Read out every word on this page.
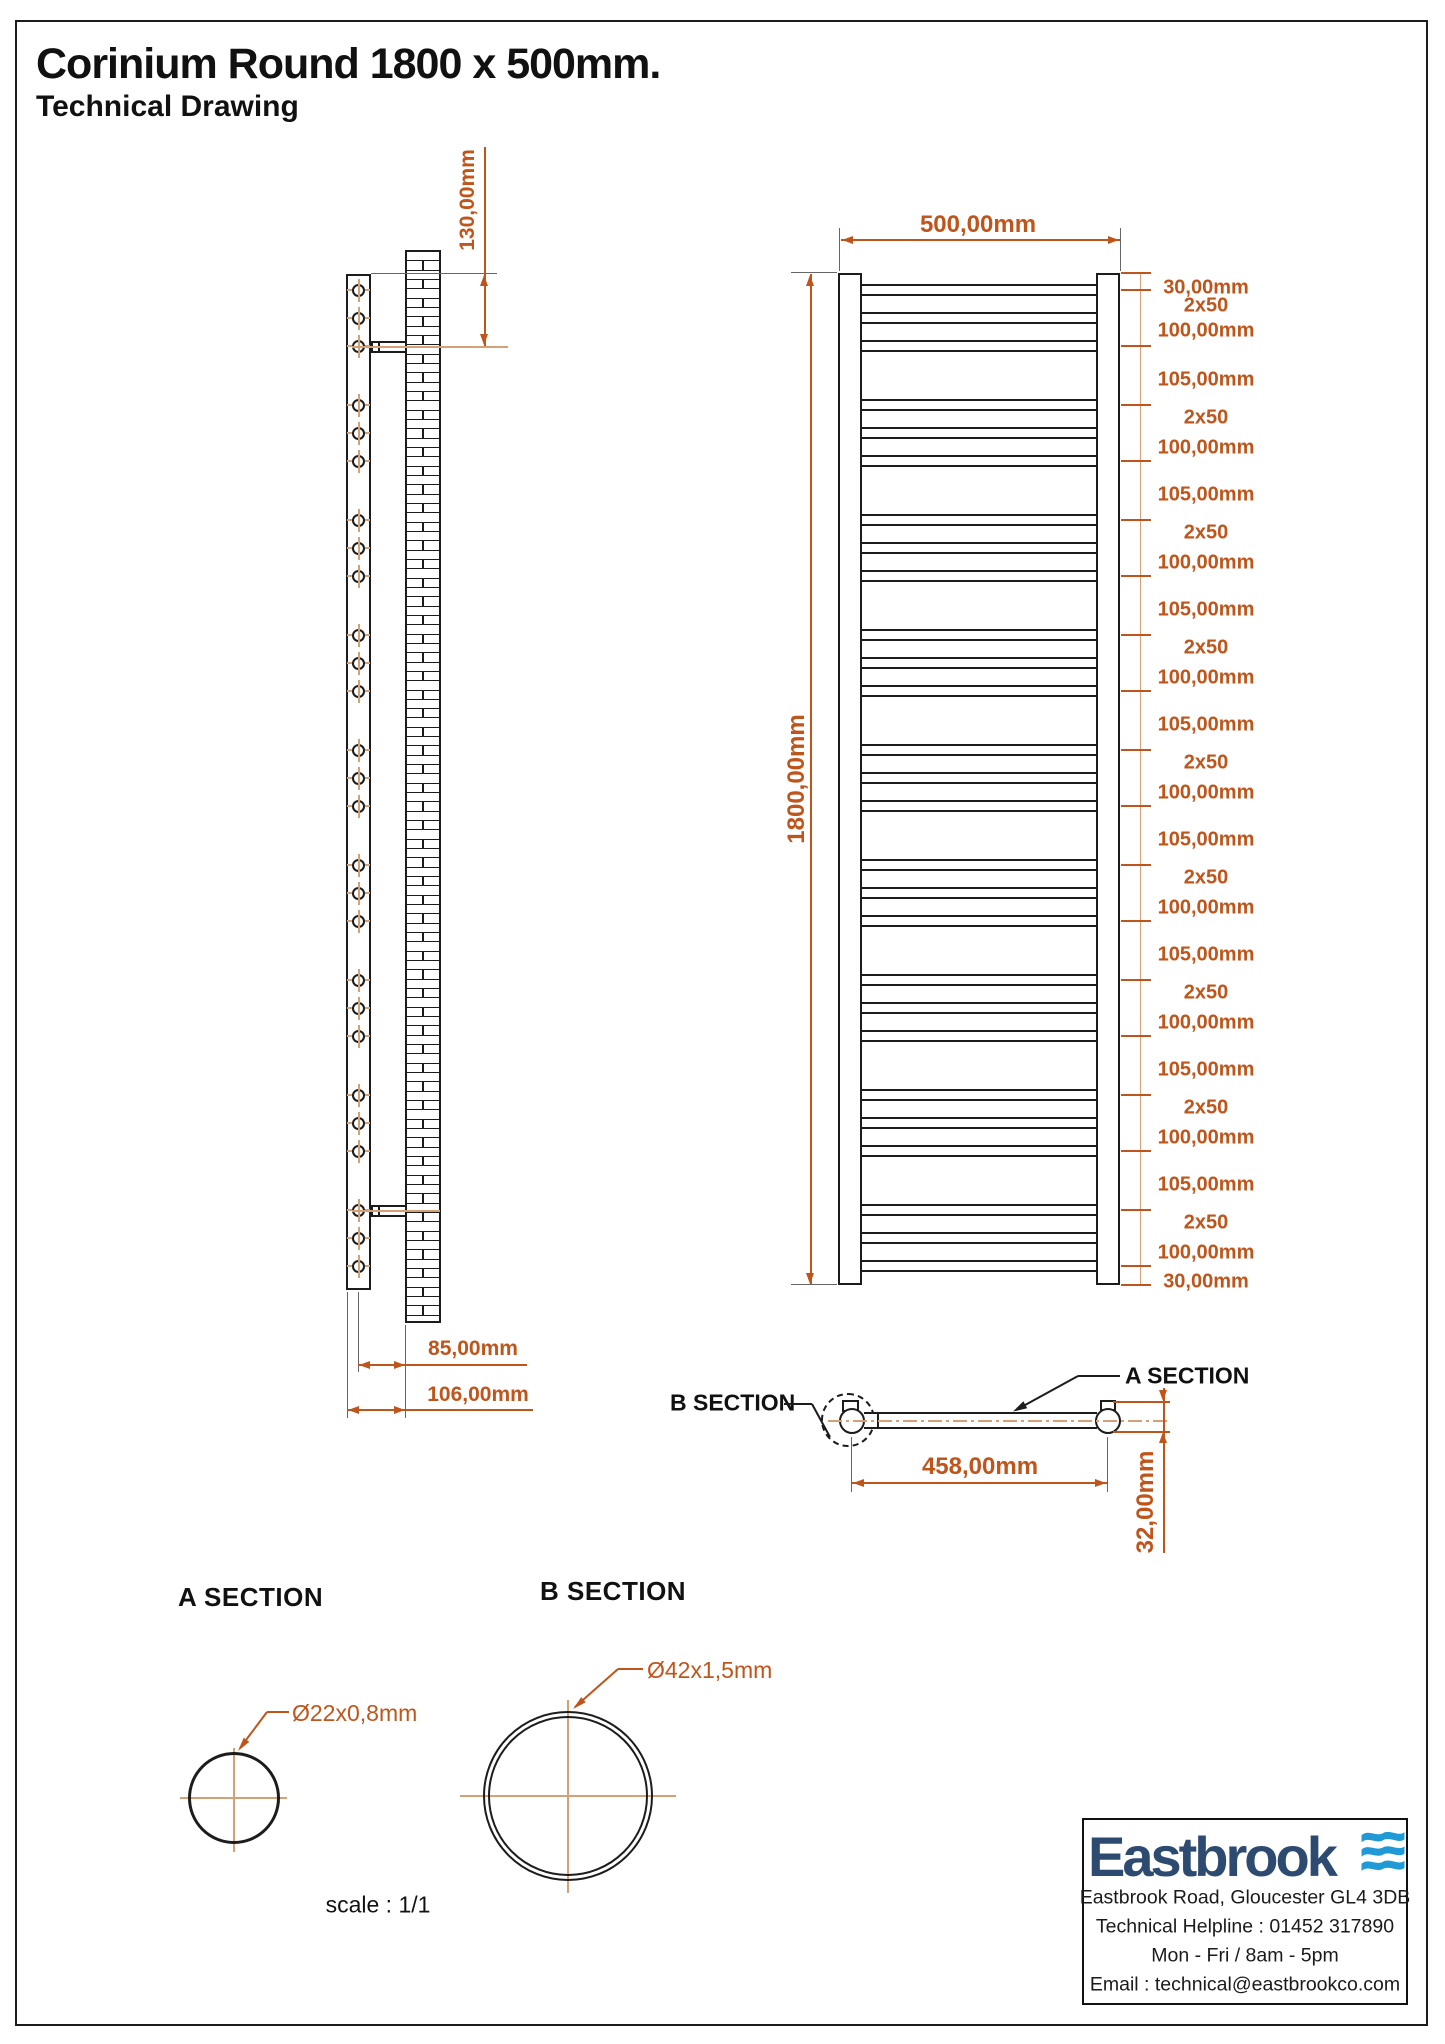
Corinium Round 1800 x 500mm.
Technical Drawing
130,00mm
85,00mm
106,00mm
500,00mm
1800,00mm
30,00mm
2x50
100,00mm
105,00mm
2x50
100,00mm
105,00mm
2x50
100,00mm
105,00mm
2x50
100,00mm
105,00mm
2x50
100,00mm
105,00mm
2x50
100,00mm
105,00mm
2x50
100,00mm
105,00mm
2x50
100,00mm
105,00mm
2x50
100,00mm
30,00mm
A SECTION
B SECTION
458,00mm	32,00mm
A SECTION	B SECTION
Ø22x0,8mm
Ø42x1,5mm
scale : 1/1
Eastbrook
Eastbrook Road, Gloucester GL4 3DB
Technical Helpline : 01452 317890
Mon - Fri / 8am - 5pm
Email : technical@eastbrookco.com
